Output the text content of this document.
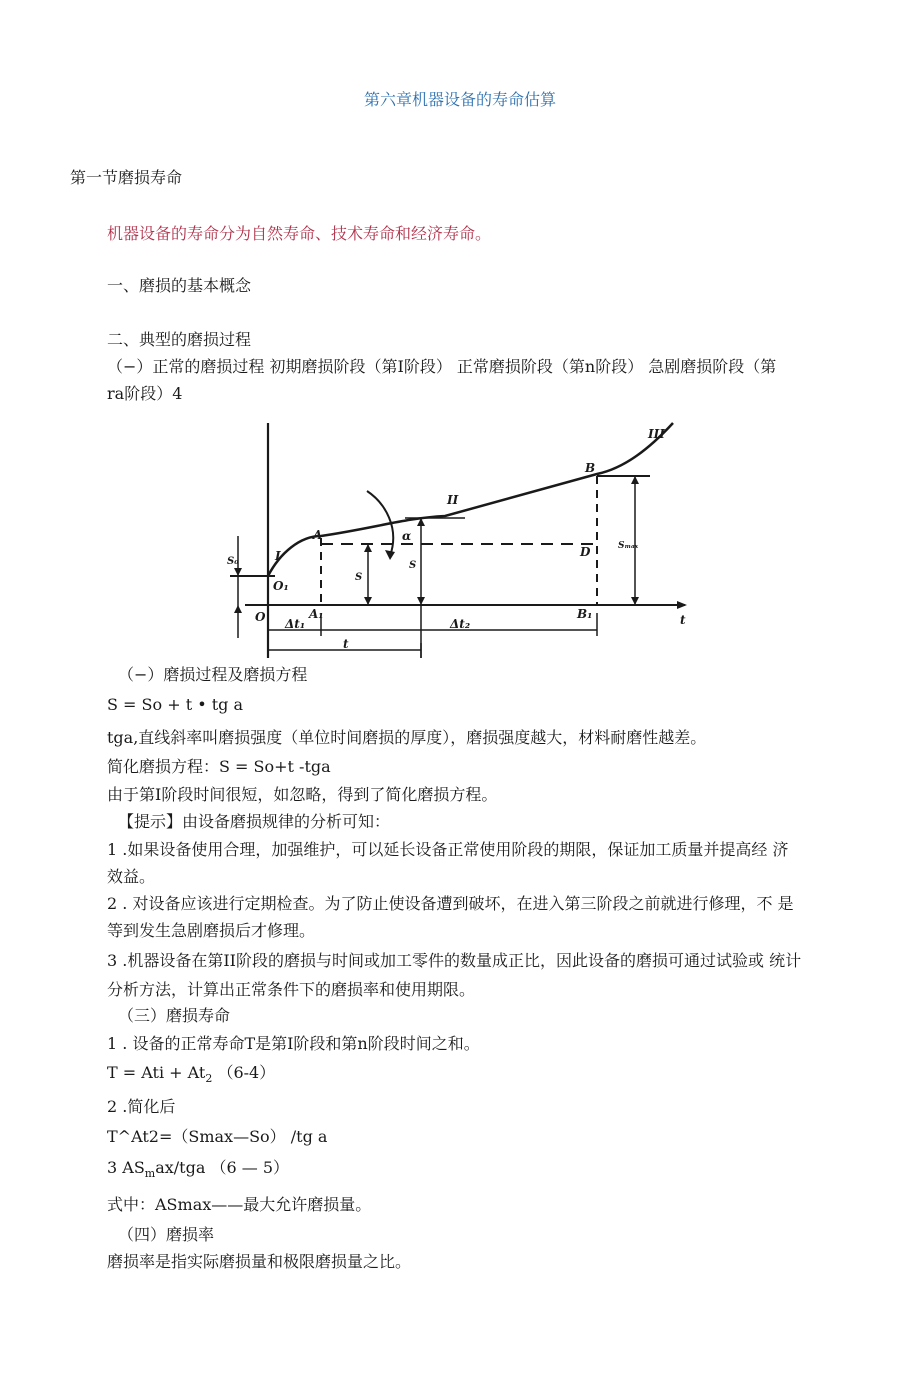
第六章机器设备的寿命估算
第一节磨损寿命
机器设备的寿命分为自然寿命、技术寿命和经济寿命。
一、磨损的基本概念
二、典型的磨损过程
（−）正常的磨损过程 初期磨损阶段（第I阶段） 正常磨损阶段（第n阶段） 急剧磨损阶段（第
ra阶段）4
I
II
III
A
B
D
O
O₁
A₁	B₁
α
t
Δt₁	Δt₂
t
S₀
S
S
Sₘₐₓ
（−）磨损过程及磨损方程
S = So + t • tg a
tga,直线斜率叫磨损强度（单位时间磨损的厚度），磨损强度越大，材料耐磨性越差。
简化磨损方程：S = So+t -tga
由于第I阶段时间很短，如忽略，得到了简化磨损方程。
【提示】由设备磨损规律的分析可知：
1 .如果设备使用合理，加强维护，可以延长设备正常使用阶段的期限，保证加工质量并提高经 济
效益。
2 . 对设备应该进行定期检查。为了防止使设备遭到破坏，在进入第三阶段之前就进行修理，不 是
等到发生急剧磨损后才修理。
3 .机器设备在第II阶段的磨损与时间或加工零件的数量成正比，因此设备的磨损可通过试验或 统计
分析方法，计算出正常条件下的磨损率和使用期限。
（三）磨损寿命
1 . 设备的正常寿命T是第I阶段和第n阶段时间之和。
T = Ati + $At_2$ （6-4）
2 .简化后
T^At2=（Smax—So） /tg a
3 $AS_max$/tga （6 — 5）
式中：ASmax——最大允许磨损量。
（四）磨损率
磨损率是指实际磨损量和极限磨损量之比。
